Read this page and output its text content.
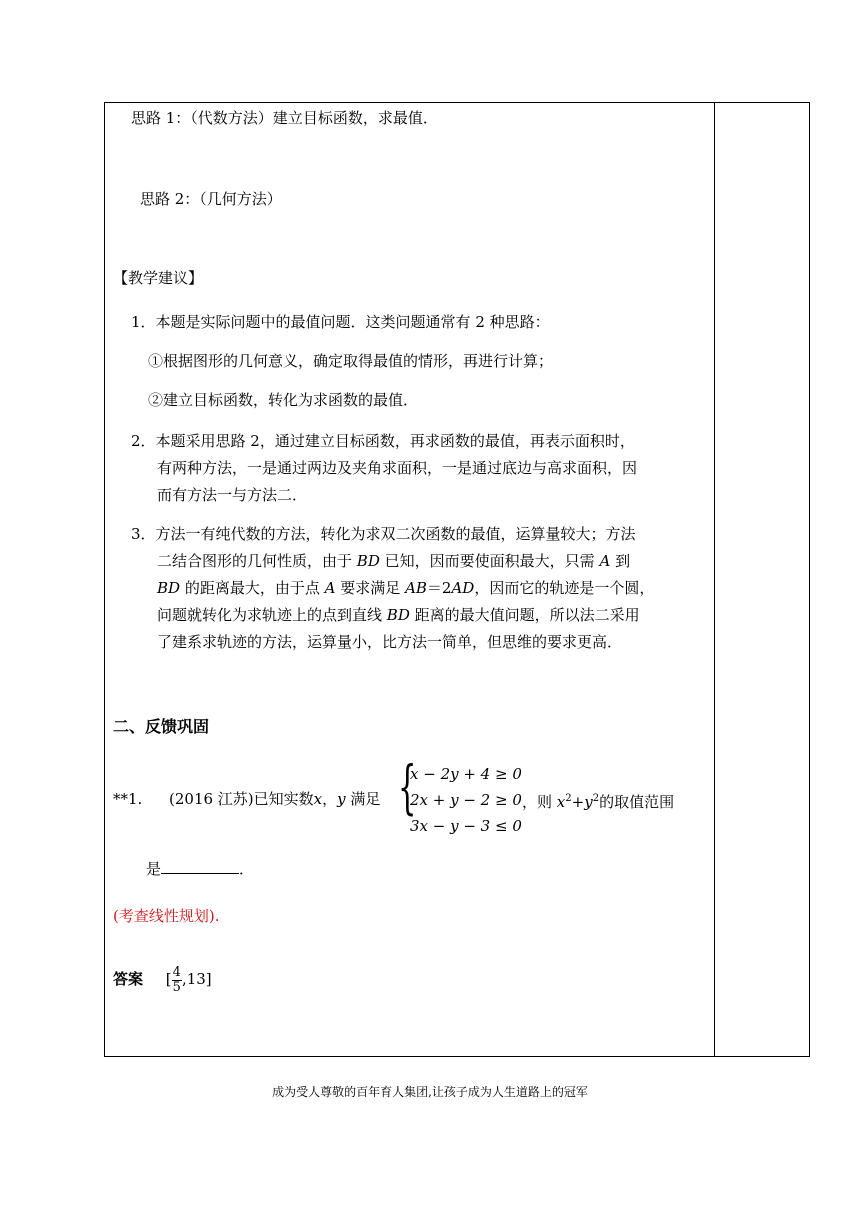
思路 1：（代数方法）建立目标函数，求最值．
思路 2：（几何方法）
【教学建议】
1．本题是实际问题中的最值问题．这类问题通常有 2 种思路：
①根据图形的几何意义，确定取得最值的情形，再进行计算；
②建立目标函数，转化为求函数的最值．
2．本题采用思路 2，通过建立目标函数，再求函数的最值，再表示面积时，
有两种方法，一是通过两边及夹角求面积，一是通过底边与高求面积，因
而有方法一与方法二．
3．方法一有纯代数的方法，转化为求双二次函数的最值，运算量较大；方法
二结合图形的几何性质，由于 BD 已知，因而要使面积最大，只需 A 到
BD 的距离最大，由于点 A 要求满足 AB＝2AD，因而它的轨迹是一个圆，
问题就转化为求轨迹上的点到直线 BD 距离的最大值问题，所以法二采用
了建系求轨迹的方法，运算量小，比方法一简单，但思维的要求更高．
二、反馈巩固
**1. (2016 江苏)已知实数x，y 满足 {
x − 2y + 4 ≥ 0
2x + y − 2 ≥ 0
3x − y − 3 ≤ 0
，则 $x^2+y^2$的取值范围
是	．
(考查线性规划).
答案 [ $\frac{4}{5} ,13$]
成为受人尊敬的百年育人集团,让孩子成为人生道路上的冠军
